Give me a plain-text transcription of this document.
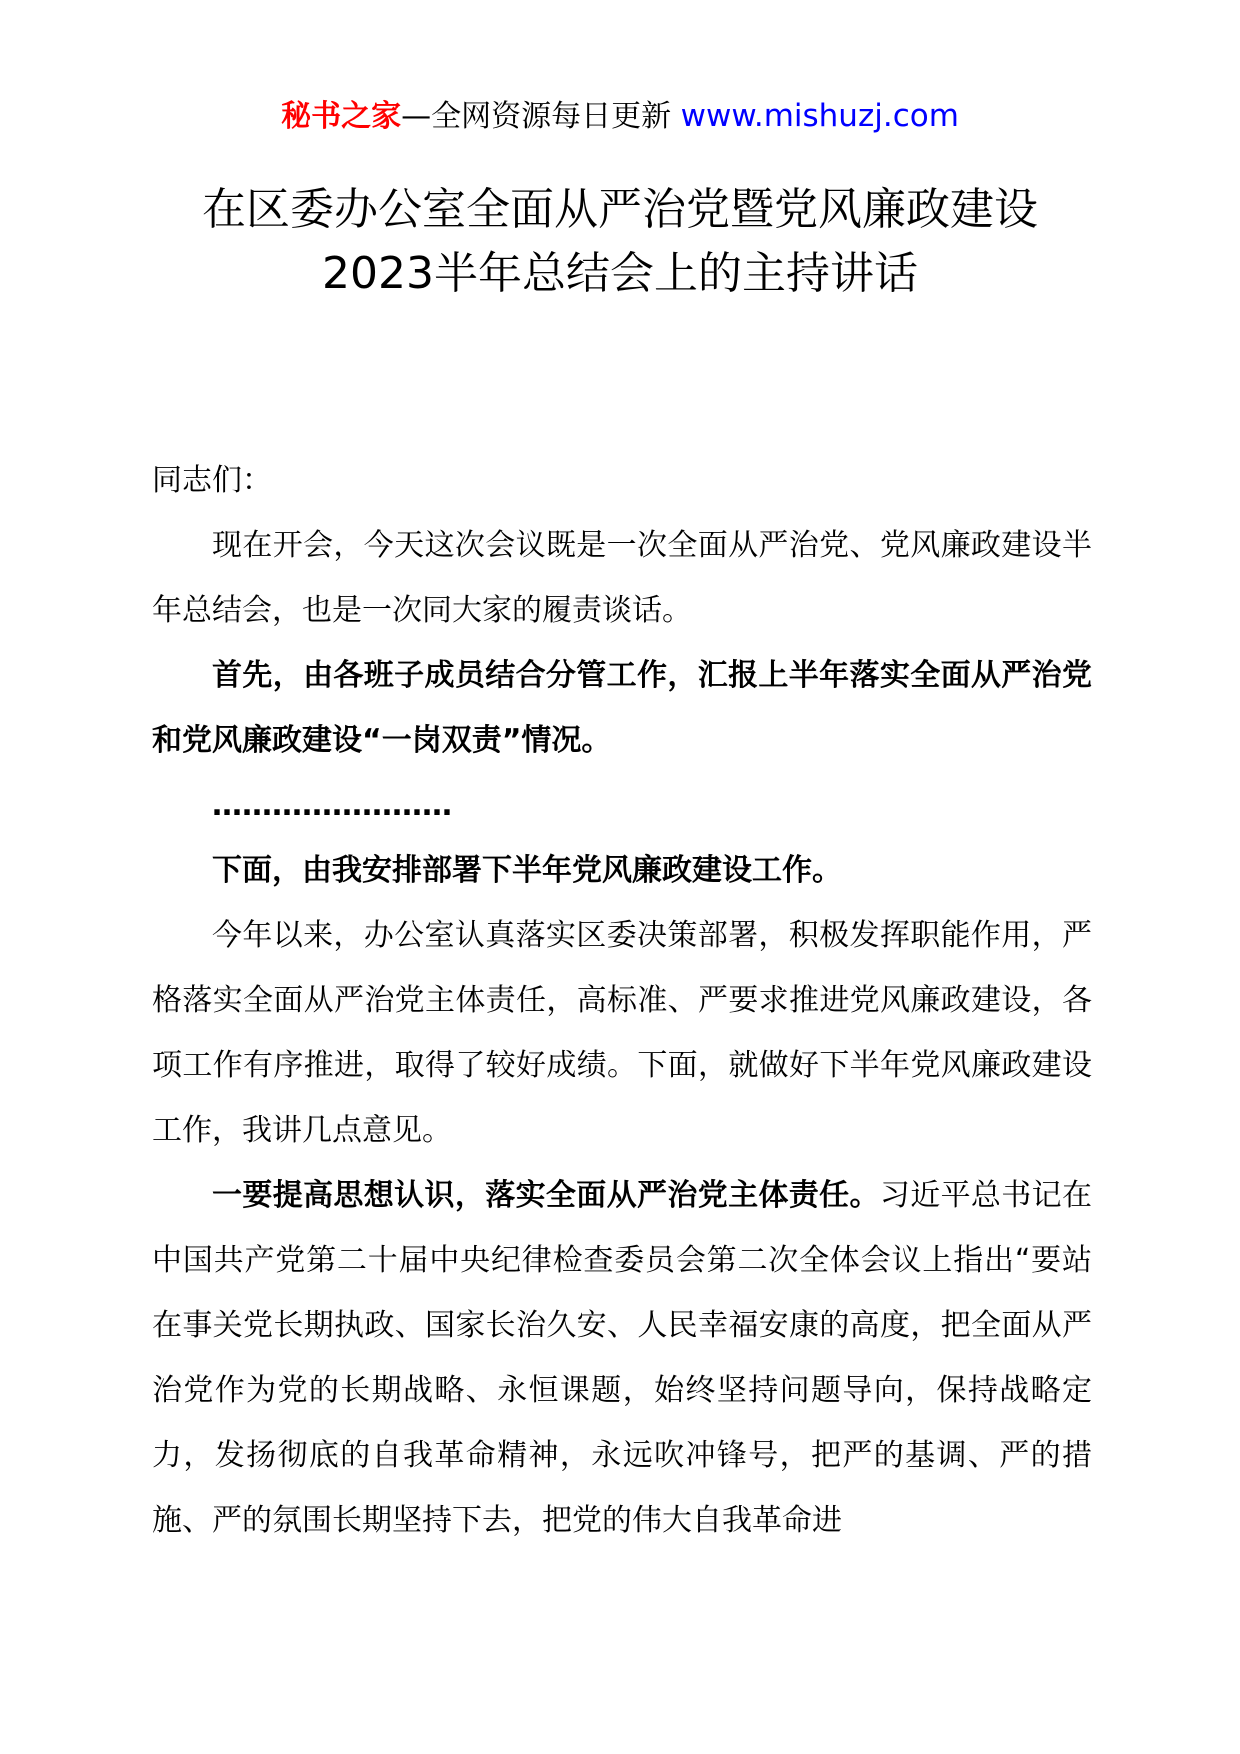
秘书之家—全网资源每日更新 www.mishuzj.com
在区委办公室全面从严治党暨党风廉政建设
2023半年总结会上的主持讲话

同志们：

现在开会，今天这次会议既是一次全面从严治党、党风廉政建设半年总结会，也是一次同大家的履责谈话。

首先，由各班子成员结合分管工作，汇报上半年落实全面从严治党和党风廉政建设“一岗双责”情况。

……………………

下面，由我安排部署下半年党风廉政建设工作。

今年以来，办公室认真落实区委决策部署，积极发挥职能作用，严格落实全面从严治党主体责任，高标准、严要求推进党风廉政建设，各项工作有序推进，取得了较好成绩。下面，就做好下半年党风廉政建设工作，我讲几点意见。

一要提高思想认识，落实全面从严治党主体责任。习近平总书记在中国共产党第二十届中央纪律检查委员会第二次全体会议上指出“要站在事关党长期执政、国家长治久安、人民幸福安康的高度，把全面从严治党作为党的长期战略、永恒课题，始终坚持问题导向，保持战略定力，发扬彻底的自我革命精神，永远吹冲锋号，把严的基调、严的措施、严的氛围长期坚持下去，把党的伟大自我革命进
